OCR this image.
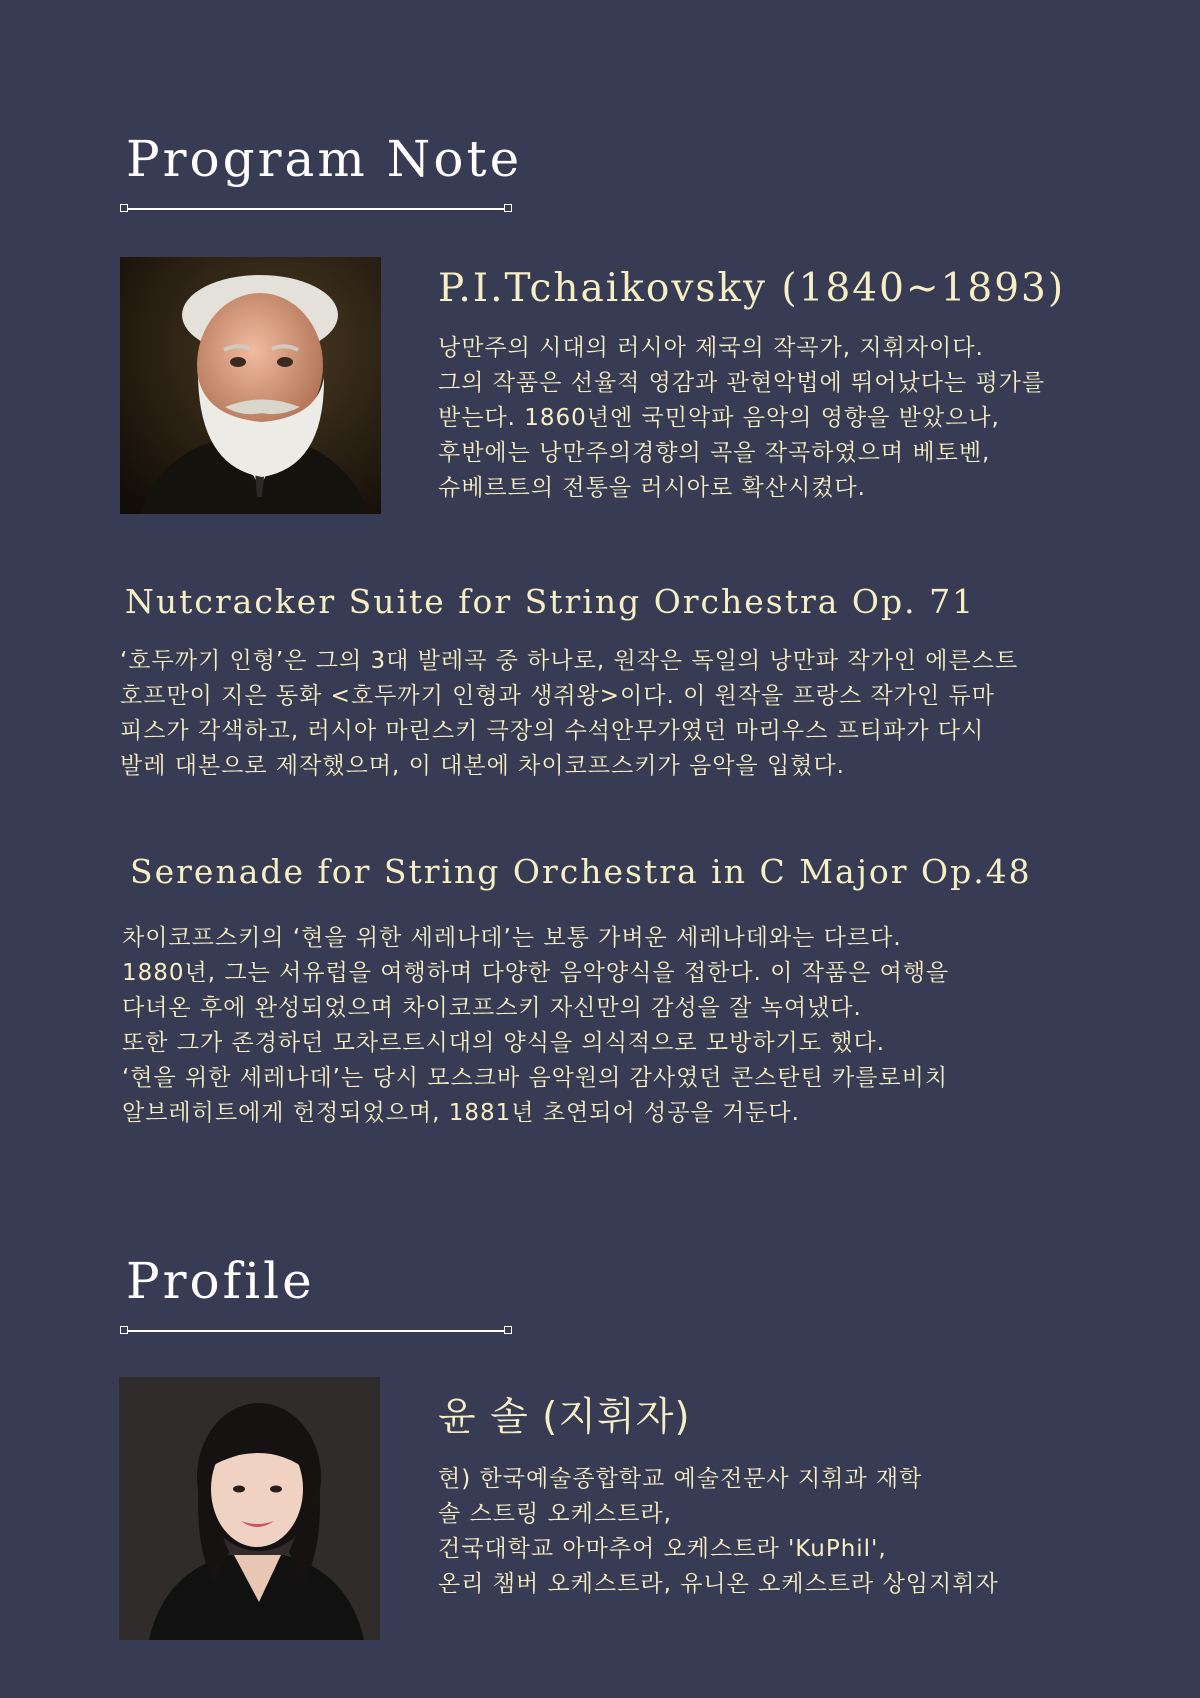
Program Note
P.I.Tchaikovsky (1840~1893)

낭만주의 시대의 러시아 제국의 작곡가, 지휘자이다.
그의 작품은 선율적 영감과 관현악법에 뛰어났다는 평가를
받는다. 1860년엔 국민악파 음악의 영향을 받았으나,
후반에는 낭만주의경향의 곡을 작곡하였으며 베토벤,
슈베르트의 전통을 러시아로 확산시켰다.

Nutcracker Suite for String Orchestra Op. 71

‘호두까기 인형’은 그의 3대 발레곡 중 하나로, 원작은 독일의 낭만파 작가인 에른스트
호프만이 지은 동화 <호두까기 인형과 생쥐왕>이다. 이 원작을 프랑스 작가인 듀마
피스가 각색하고, 러시아 마린스키 극장의 수석안무가였던 마리우스 프티파가 다시
발레 대본으로 제작했으며, 이 대본에 차이코프스키가 음악을 입혔다.

Serenade for String Orchestra in C Major Op.48

차이코프스키의 ‘현을 위한 세레나데’는 보통 가벼운 세레나데와는 다르다.
1880년, 그는 서유럽을 여행하며 다양한 음악양식을 접한다. 이 작품은 여행을
다녀온 후에 완성되었으며 차이코프스키 자신만의 감성을 잘 녹여냈다.
또한 그가 존경하던 모차르트시대의 양식을 의식적으로 모방하기도 했다.
‘현을 위한 세레나데’는 당시 모스크바 음악원의 감사였던 콘스탄틴 카를로비치
알브레히트에게 헌정되었으며, 1881년 초연되어 성공을 거둔다.

Profile
윤 솔 (지휘자)

현) 한국예술종합학교 예술전문사 지휘과 재학
솔 스트링 오케스트라,
건국대학교 아마추어 오케스트라 'KuPhil',
온리 챔버 오케스트라, 유니온 오케스트라 상임지휘자
